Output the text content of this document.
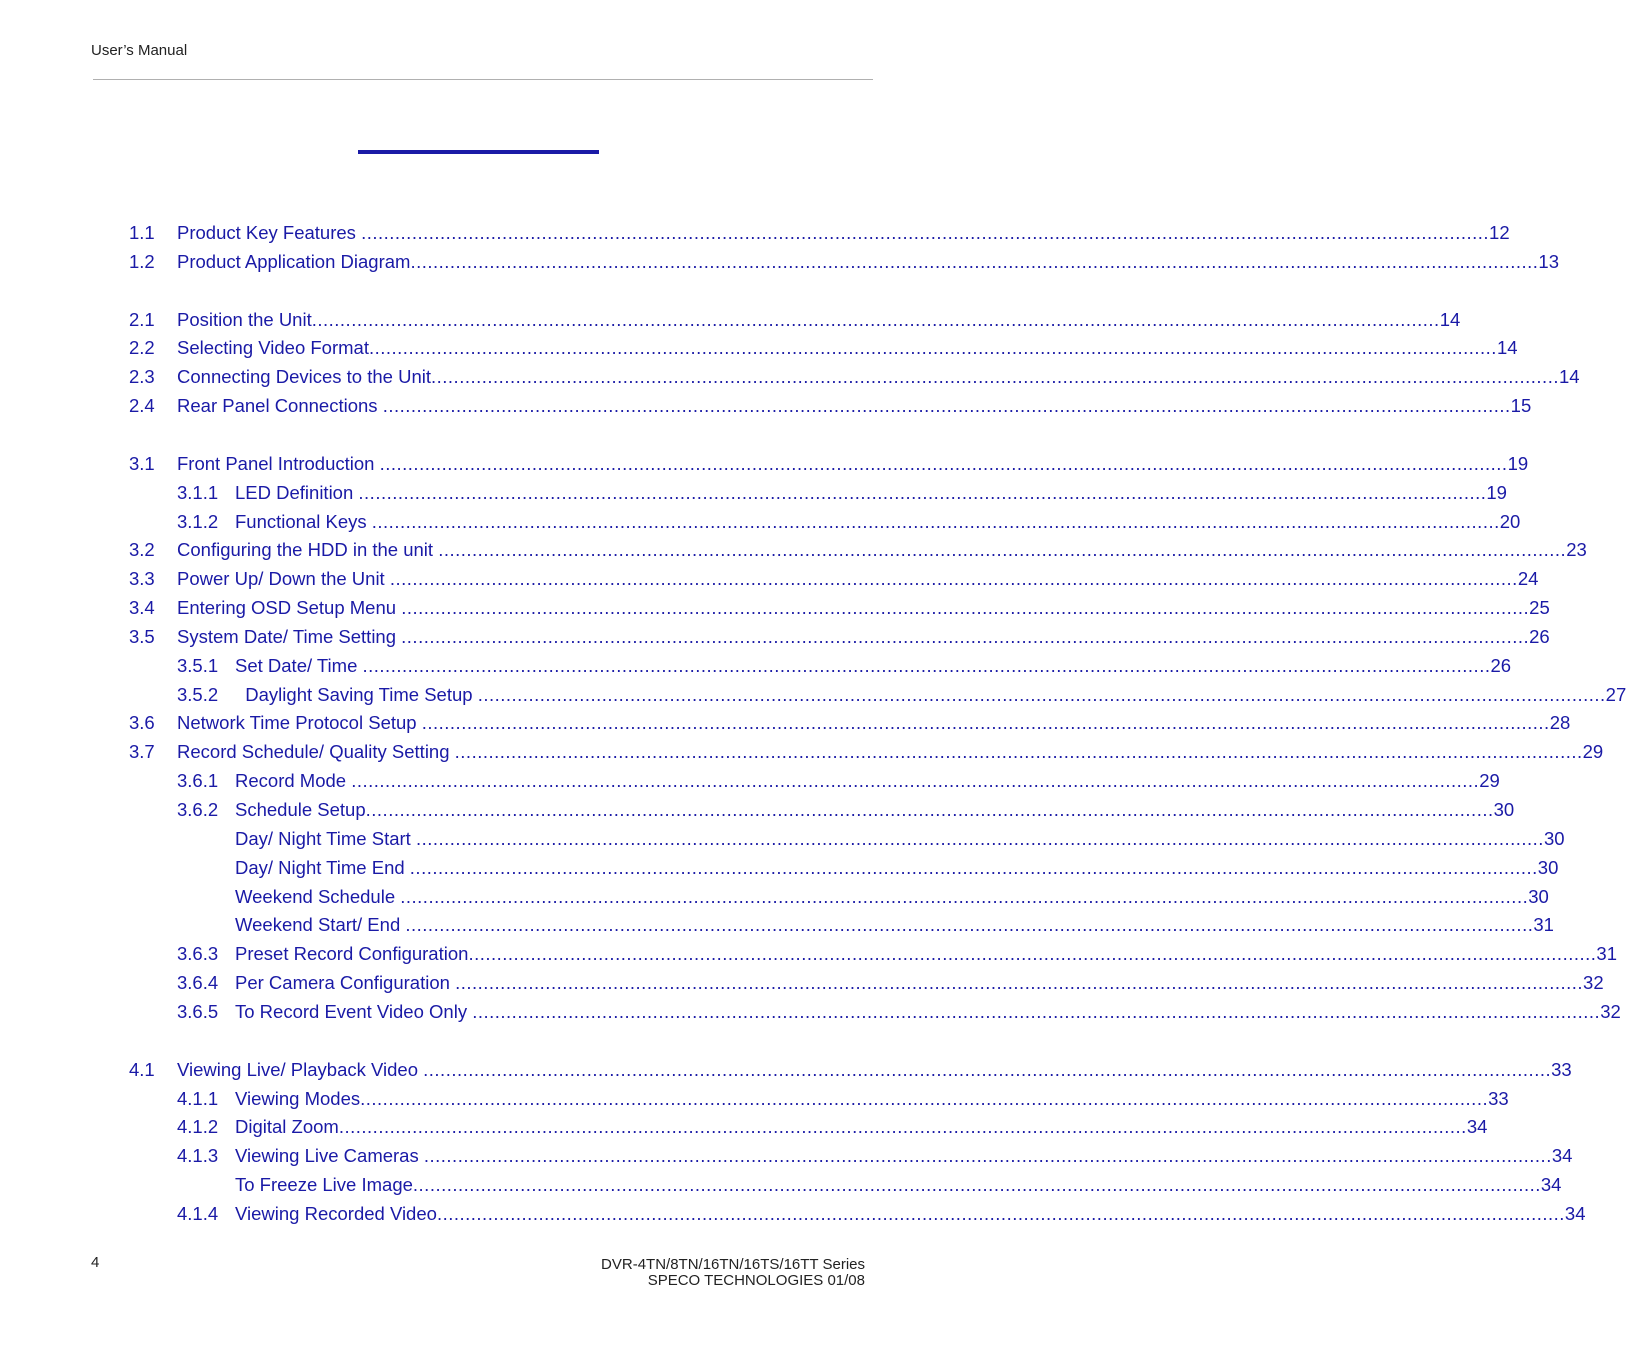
User’s Manual
1.1 Product Key Features ........................................................................................................................................................................................................ 12
1.2 Product Application Diagram ........................................................................................................................................................................................................ 13
2.1 Position the Unit ........................................................................................................................................................................................................ 14
2.2 Selecting Video Format ........................................................................................................................................................................................................ 14
2.3 Connecting Devices to the Unit ........................................................................................................................................................................................................ 14
2.4 Rear Panel Connections ........................................................................................................................................................................................................ 15
3.1 Front Panel Introduction ........................................................................................................................................................................................................ 19
3.1.1 LED Definition ........................................................................................................................................................................................................ 19
3.1.2 Functional Keys ........................................................................................................................................................................................................ 20
3.2 Configuring the HDD in the unit ........................................................................................................................................................................................................ 23
3.3 Power Up/ Down the Unit ........................................................................................................................................................................................................ 24
3.4 Entering OSD Setup Menu ........................................................................................................................................................................................................ 25
3.5 System Date/ Time Setting ........................................................................................................................................................................................................ 26
3.5.1 Set Date/ Time ........................................................................................................................................................................................................ 26
3.5.2 Daylight Saving Time Setup ........................................................................................................................................................................................................ 27
3.6 Network Time Protocol Setup ........................................................................................................................................................................................................ 28
3.7 Record Schedule/ Quality Setting ........................................................................................................................................................................................................ 29
3.6.1 Record Mode ........................................................................................................................................................................................................ 29
3.6.2 Schedule Setup ........................................................................................................................................................................................................ 30
Day/ Night Time Start ........................................................................................................................................................................................................ 30
Day/ Night Time End ........................................................................................................................................................................................................ 30
Weekend Schedule ........................................................................................................................................................................................................ 30
Weekend Start/ End ........................................................................................................................................................................................................ 31
3.6.3 Preset Record Configuration ........................................................................................................................................................................................................ 31
3.6.4 Per Camera Configuration ........................................................................................................................................................................................................ 32
3.6.5 To Record Event Video Only ........................................................................................................................................................................................................ 32
4.1 Viewing Live/ Playback Video ........................................................................................................................................................................................................ 33
4.1.1 Viewing Modes ........................................................................................................................................................................................................ 33
4.1.2 Digital Zoom ........................................................................................................................................................................................................ 34
4.1.3 Viewing Live Cameras ........................................................................................................................................................................................................ 34
To Freeze Live Image ........................................................................................................................................................................................................ 34
4.1.4 Viewing Recorded Video ........................................................................................................................................................................................................ 34
4	DVR-4TN/8TN/16TN/16TS/16TT Series
SPECO TECHNOLOGIES 01/08
